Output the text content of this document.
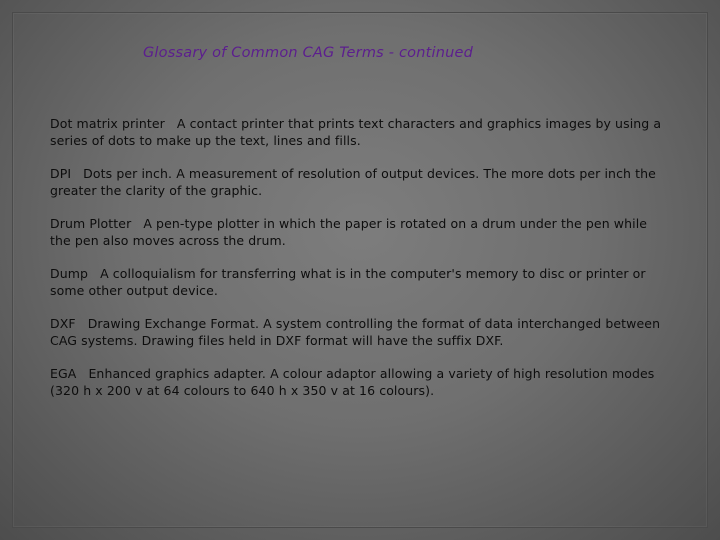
Glossary of Common CAG Terms - continued

Dot matrix printer A contact printer that prints text characters and graphics images by using a series of dots to make up the text, lines and fills.

DPI Dots per inch. A measurement of resolution of output devices. The more dots per inch the greater the clarity of the graphic.

Drum Plotter A pen-type plotter in which the paper is rotated on a drum under the pen while the pen also moves across the drum.

Dump A colloquialism for transferring what is in the computer's memory to disc or printer or some other output device.

DXF Drawing Exchange Format. A system controlling the format of data interchanged between CAG systems. Drawing files held in DXF format will have the suffix DXF.

EGA Enhanced graphics adapter. A colour adaptor allowing a variety of high resolution modes (320 h x 200 v at 64 colours to 640 h x 350 v at 16 colours).
